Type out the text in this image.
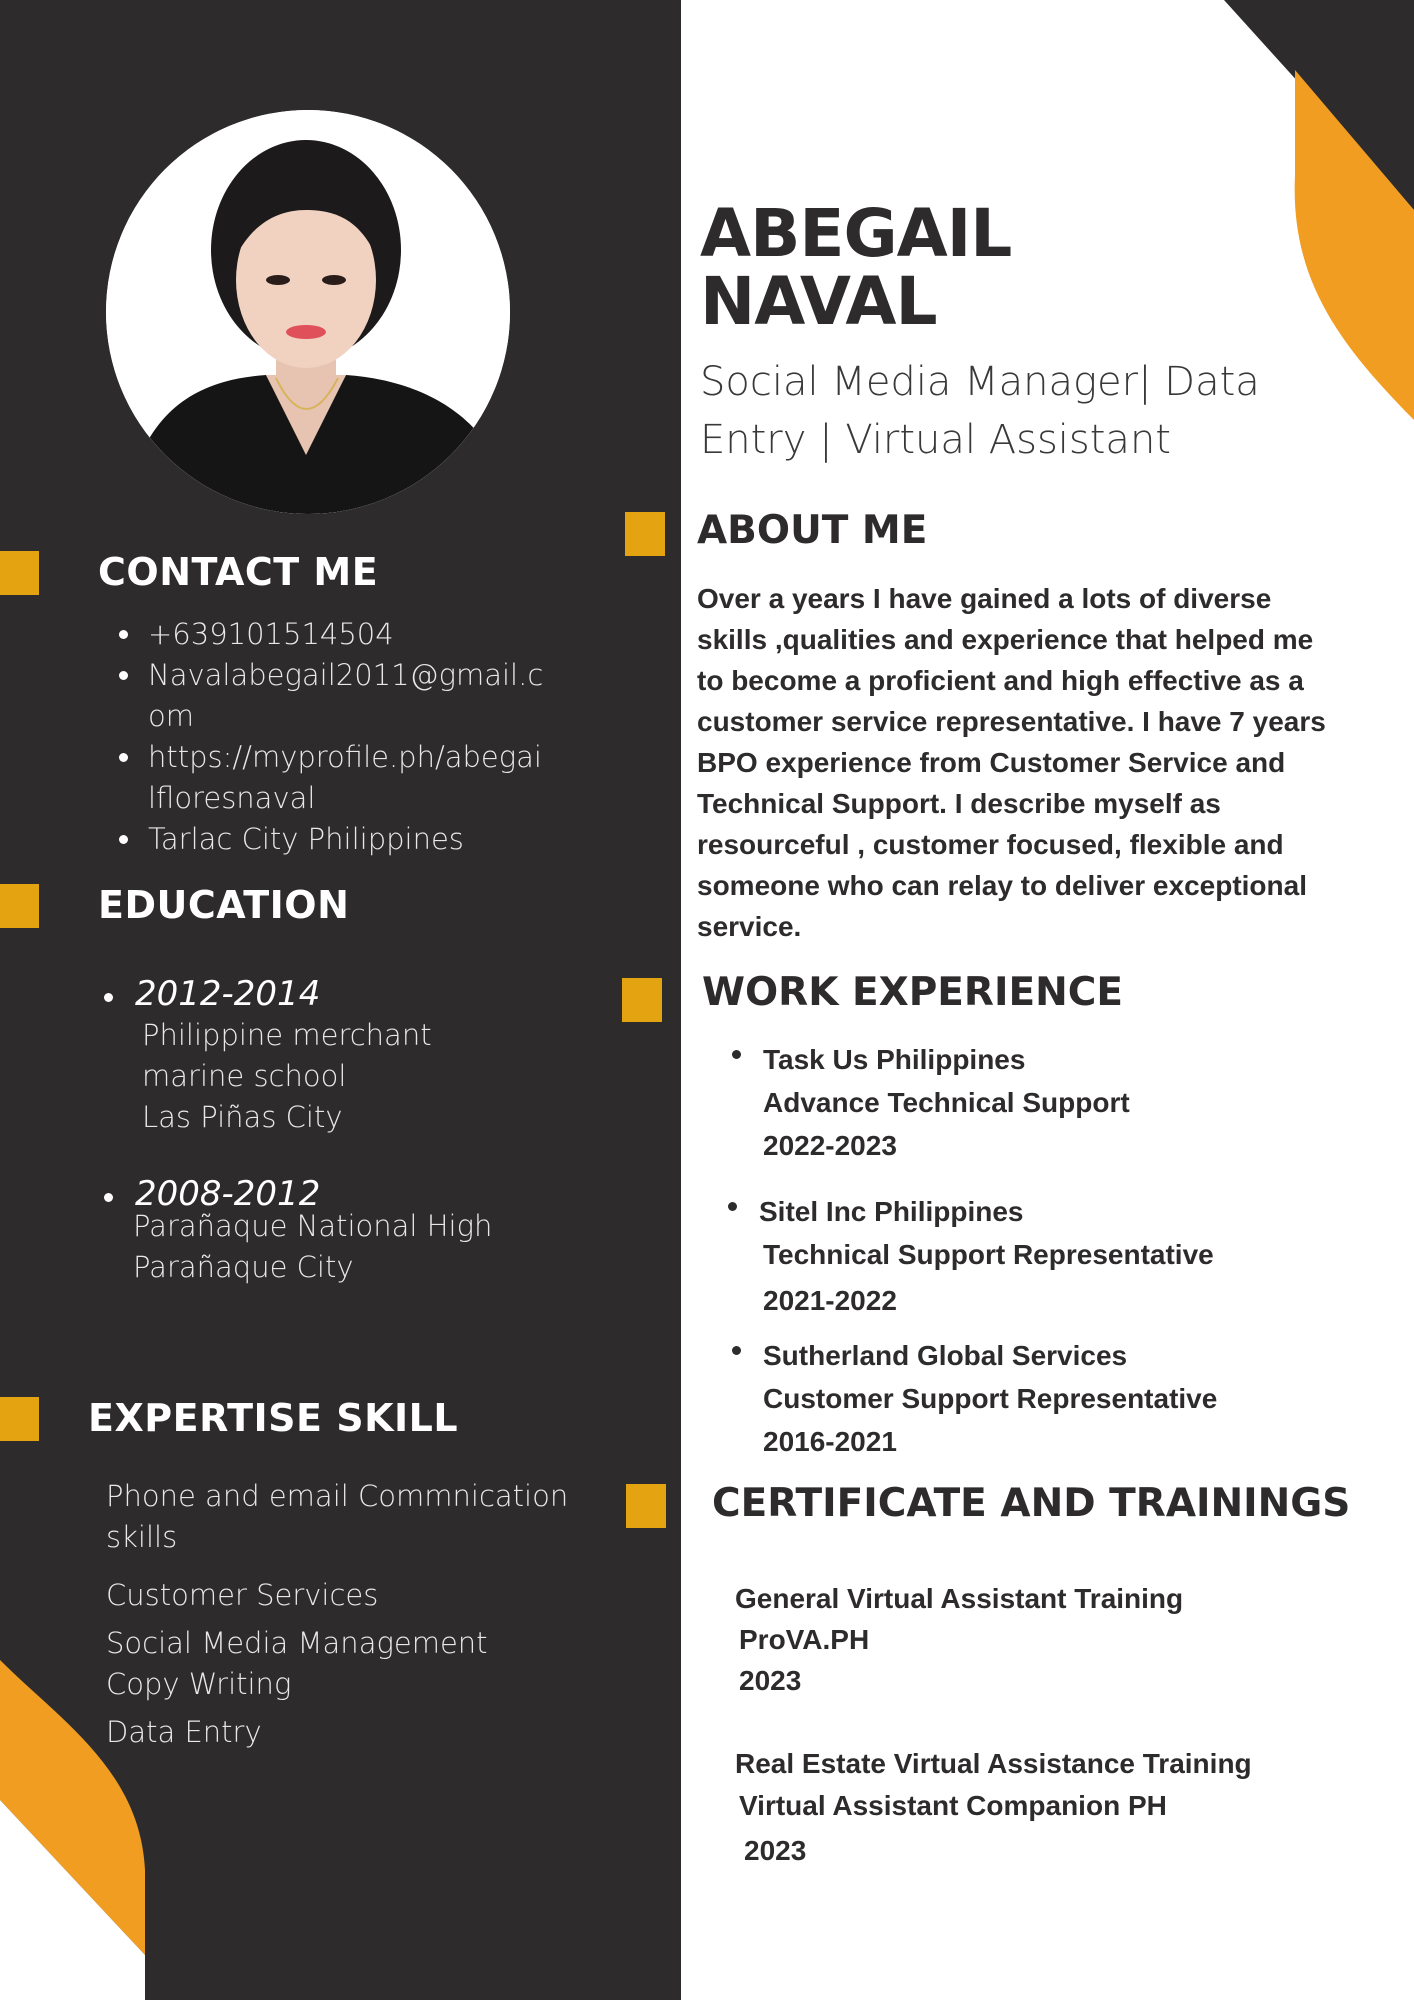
CONTACT ME
+639101514504
Navalabegail2011@gmail.c
om
https://myprofile.ph/abegai
lfloresnaval
Tarlac City Philippines
EDUCATION

2012-2014

Philippine merchant

marine school

Las Piñas City

2008-2012

Parañaque National High

Parañaque City

EXPERTISE SKILL

Phone and email Commnication

skills

Customer Services

Social Media Management

Copy Writing

Data Entry

ABEGAIL
NAVAL
Social Media Manager| Data
Entry | Virtual Assistant
ABOUT ME

Over a years I have gained a lots of diverse

skills ,qualities and experience that helped me

to become a proficient and high effective as a

customer service representative. I have 7 years

BPO experience from Customer Service and

Technical Support. I describe myself as

resourceful , customer focused, flexible and

someone who can relay to deliver exceptional

service.

WORK EXPERIENCE

Task Us Philippines

Advance Technical Support

2022-2023

Sitel Inc Philippines

Technical Support Representative

2021-2022

Sutherland Global Services

Customer Support Representative

2016-2021

CERTIFICATE AND TRAININGS

General Virtual Assistant Training

ProVA.PH

2023

Real Estate Virtual Assistance Training

Virtual Assistant Companion PH

2023
